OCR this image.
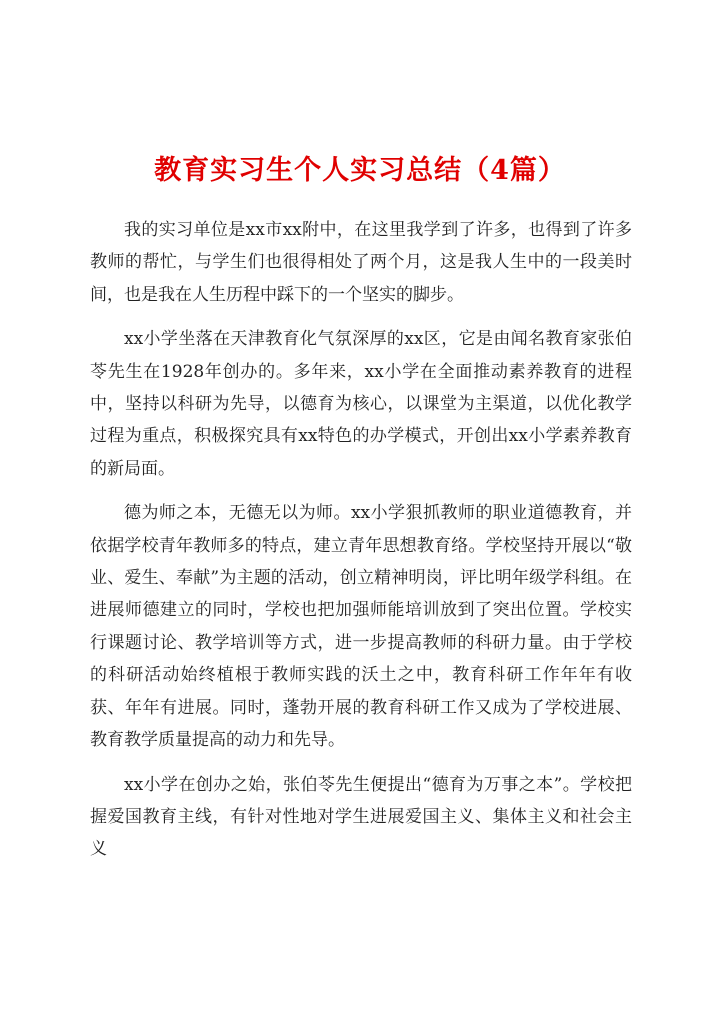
教育实习生个人实习总结（4篇）

我的实习单位是xx市xx附中，在这里我学到了许多，也得到了许多教师的帮忙，与学生们也很得相处了两个月，这是我人生中的一段美时间，也是我在人生历程中踩下的一个坚实的脚步。

xx小学坐落在天津教育化气氛深厚的xx区，它是由闻名教育家张伯苓先生在1928年创办的。多年来，xx小学在全面推动素养教育的进程中，坚持以科研为先导，以德育为核心，以课堂为主渠道，以优化教学过程为重点，积极探究具有xx特色的办学模式，开创出xx小学素养教育的新局面。

德为师之本，无德无以为师。xx小学狠抓教师的职业道德教育，并依据学校青年教师多的特点，建立青年思想教育络。学校坚持开展以“敬业、爱生、奉献”为主题的活动，创立精神明岗，评比明年级学科组。在进展师德建立的同时，学校也把加强师能培训放到了突出位置。学校实行课题讨论、教学培训等方式，进一步提高教师的科研力量。由于学校的科研活动始终植根于教师实践的沃土之中，教育科研工作年年有收获、年年有进展。同时，蓬勃开展的教育科研工作又成为了学校进展、教育教学质量提高的动力和先导。

xx小学在创办之始，张伯苓先生便提出“德育为万事之本”。学校把握爱国教育主线，有针对性地对学生进展爱国主义、集体主义和社会主义
